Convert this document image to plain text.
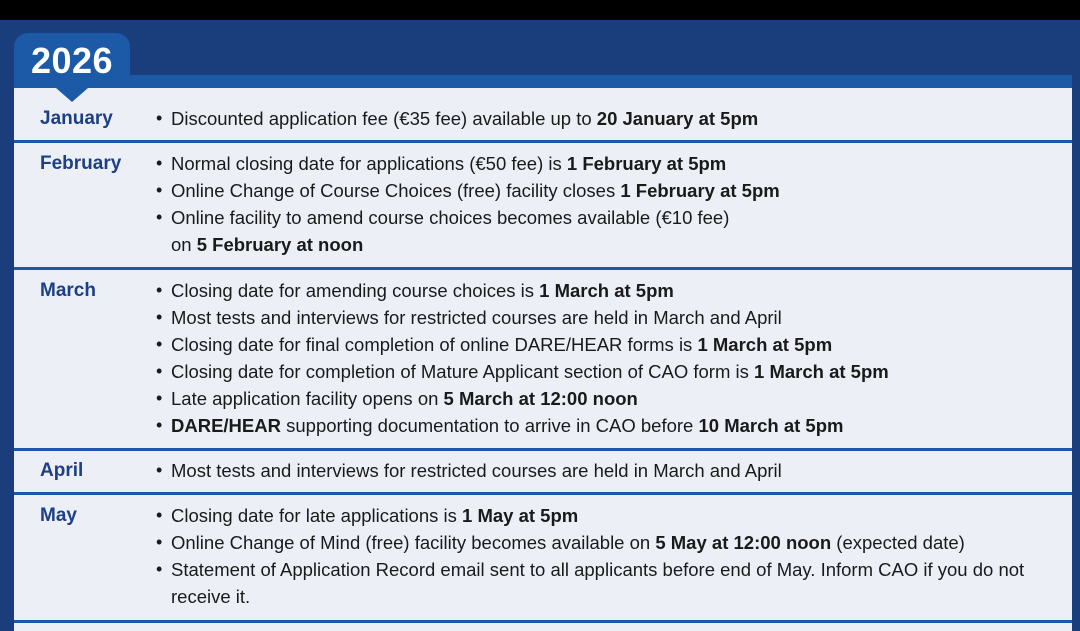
2026
January • Discounted application fee (€35 fee) available up to 20 January at 5pm
February • Normal closing date for applications (€50 fee) is 1 February at 5pm
• Online Change of Course Choices (free) facility closes 1 February at 5pm
• Online facility to amend course choices becomes available (€10 fee)
on 5 February at noon
March	• Closing date for amending course choices is 1 March at 5pm
• Most tests and interviews for restricted courses are held in March and April
• Closing date for final completion of online DARE/HEAR forms is 1 March at 5pm
• Closing date for completion of Mature Applicant section of CAO form is 1 March at 5pm
• Late application facility opens on 5 March at 12:00 noon
• DARE/HEAR supporting documentation to arrive in CAO before 10 March at 5pm
April	• Most tests and interviews for restricted courses are held in March and April
May	• Closing date for late applications is 1 May at 5pm
• Online Change of Mind (free) facility becomes available on 5 May at 12:00 noon (expected date)
• Statement of Application Record email sent to all applicants before end of May. Inform CAO if you do not receive it.
